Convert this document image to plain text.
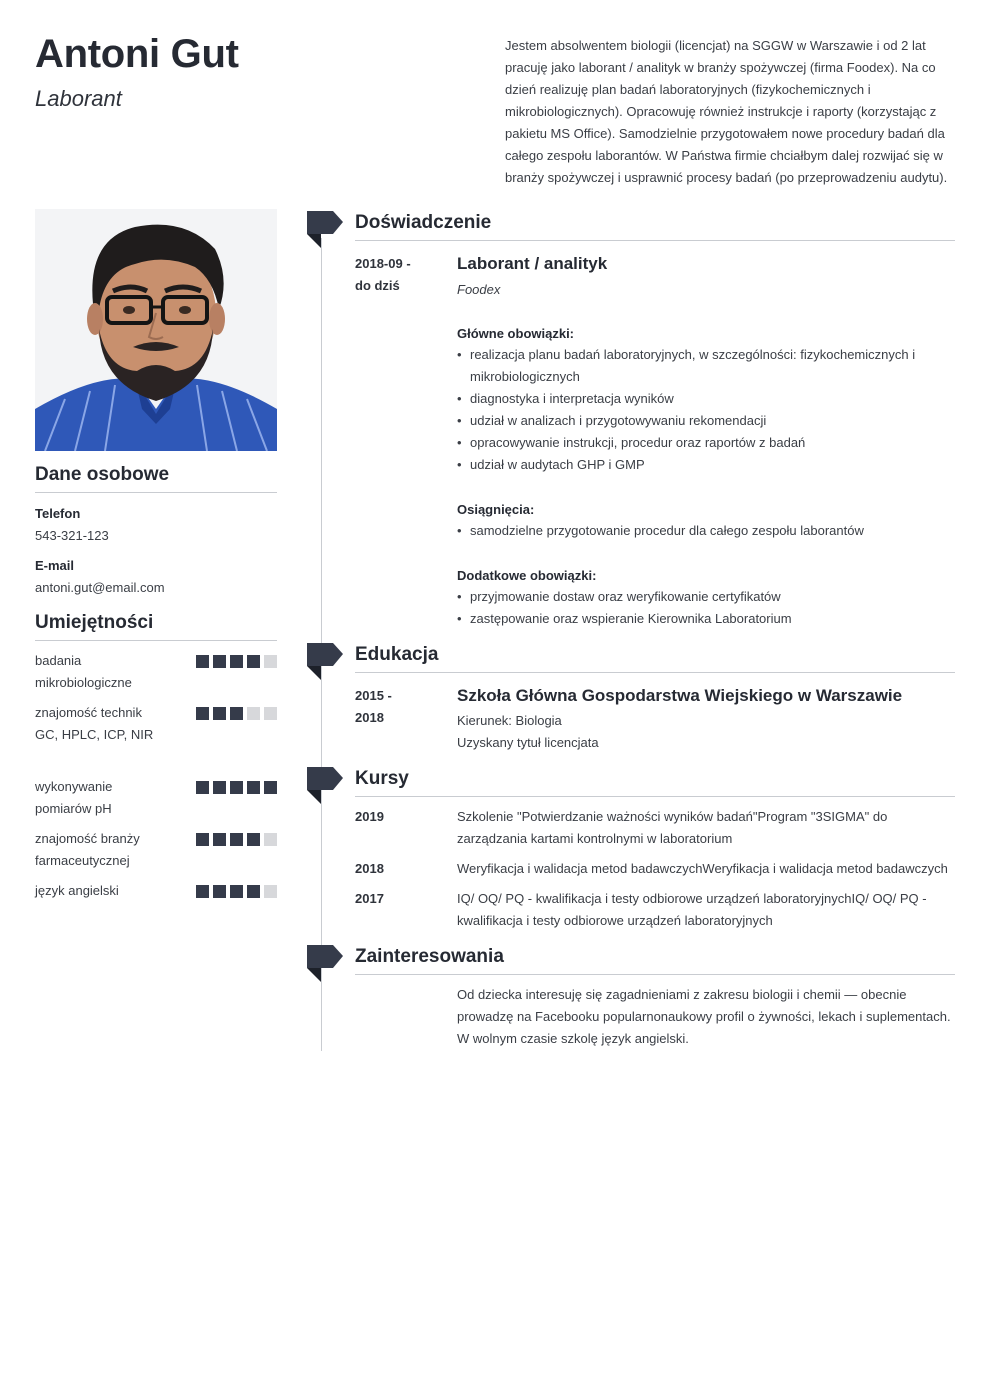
Antoni Gut
Laborant
Jestem absolwentem biologii (licencjat) na SGGW w Warszawie i od 2 lat pracuję jako laborant / analityk w branży spożywczej (firma Foodex). Na co dzień realizuję plan badań laboratoryjnych (fizykochemicznych i mikrobiologicznych). Opracowuję również instrukcje i raporty (korzystając z pakietu MS Office). Samodzielnie przygotowałem nowe procedury badań dla całego zespołu laborantów. W Państwa firmie chciałbym dalej rozwijać się w branży spożywczej i usprawnić procesy badań (po przeprowadzeniu audytu).
Dane osobowe
Telefon
543-321-123
E-mail
antoni.gut@email.com
Umiejętności
badania mikrobiologiczne
znajomość technik GC, HPLC, ICP, NIR
wykonywanie pomiarów pH
znajomość branży farmaceutycznej
język angielski
Doświadczenie
2018-09 -
do dziś
Laborant / analityk
Foodex
Główne obowiązki:
• realizacja planu badań laboratoryjnych, w szczególności: fizykochemicznych i mikrobiologicznych
• diagnostyka i interpretacja wyników
• udział w analizach i przygotowywaniu rekomendacji
• opracowywanie instrukcji, procedur oraz raportów z badań
• udział w audytach GHP i GMP
Osiągnięcia:
• samodzielne przygotowanie procedur dla całego zespołu laborantów
Dodatkowe obowiązki:
• przyjmowanie dostaw oraz weryfikowanie certyfikatów
• zastępowanie oraz wspieranie Kierownika Laboratorium
Edukacja
2015 -
2018
Szkoła Główna Gospodarstwa Wiejskiego w Warszawie
Kierunek: Biologia
Uzyskany tytuł licencjata
Kursy
2019	Szkolenie "Potwierdzanie ważności wyników badań"Program "3SIGMA" do zarządzania kartami kontrolnymi w laboratorium
2018	Weryfikacja i walidacja metod badawczychWeryfikacja i walidacja metod badawczych
2017	IQ/ OQ/ PQ - kwalifikacja i testy odbiorowe urządzeń laboratoryjnychIQ/ OQ/ PQ - kwalifikacja i testy odbiorowe urządzeń laboratoryjnych
Zainteresowania
Od dziecka interesuję się zagadnieniami z zakresu biologii i chemii — obecnie prowadzę na Facebooku popularnonaukowy profil o żywności, lekach i suplementach. W wolnym czasie szkolę język angielski.
